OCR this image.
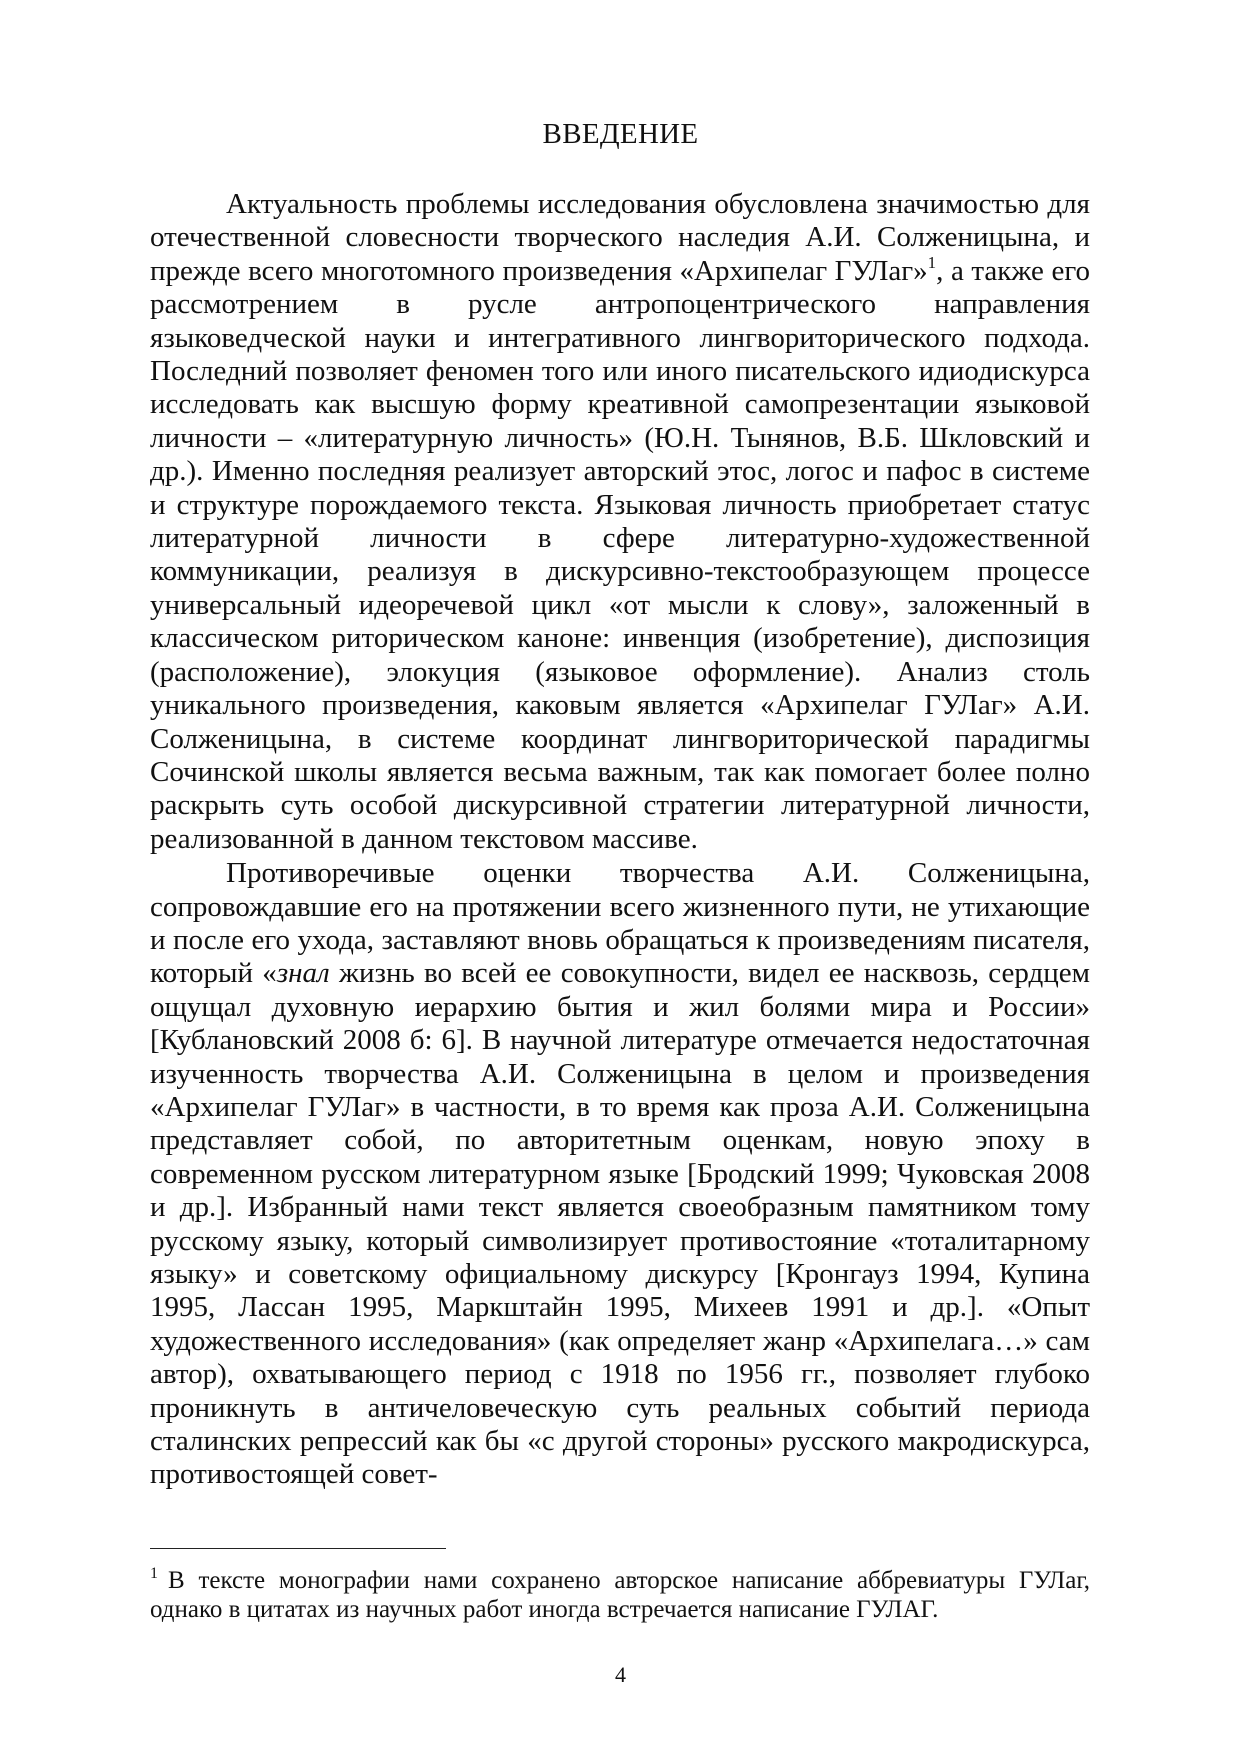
ВВЕДЕНИЕ

Актуальность проблемы исследования обусловлена значимостью для отечественной словесности творческого наследия А.И. Солженицына, и прежде всего многотомного произведения «Архипелаг ГУЛаг»$^1$, а также его рассмотрением в русле антропоцентрического направления языковедческой науки и интегративного лингвориторического подхода. Последний позволяет феномен того или иного писательского идиодискурса исследовать как высшую форму креативной самопрезентации языковой личности – «литературную личность» (Ю.Н. Тынянов, В.Б. Шкловский и др.). Именно последняя реализует авторский этос, логос и пафос в системе и структуре порождаемого текста. Языковая личность приобретает статус литературной личности в сфере литературно-художественной коммуникации, реализуя в дискурсивно-текстообразующем процессе универсальный идеоречевой цикл «от мысли к слову», заложенный в классическом риторическом каноне: инвенция (изобретение), диспозиция (расположение), элокуция (языковое оформление). Анализ столь уникального произведения, каковым является «Архипелаг ГУЛаг» А.И. Солженицына, в системе координат лингвориторической парадигмы Сочинской школы является весьма важным, так как помогает более полно раскрыть суть особой дискурсивной стратегии литературной личности, реализованной в данном текстовом массиве.

Противоречивые оценки творчества А.И. Солженицына, сопровождавшие его на протяжении всего жизненного пути, не утихающие и после его ухода, заставляют вновь обращаться к произведениям писателя, который «знал жизнь во всей ее совокупности, видел ее насквозь, сердцем ощущал духовную иерархию бытия и жил болями мира и России» [Кублановский 2008 б: 6]. В научной литературе отмечается недостаточная изученность творчества А.И. Солженицына в целом и произведения «Архипелаг ГУЛаг» в частности, в то время как проза А.И. Солженицына представляет собой, по авторитетным оценкам, новую эпоху в современном русском литературном языке [Бродский 1999; Чуковская 2008 и др.]. Избранный нами текст является своеобразным памятником тому русскому языку, который символизирует противостояние «тоталитарному языку» и советскому официальному дискурсу [Кронгауз 1994, Купина 1995, Лассан 1995, Маркштайн 1995, Михеев 1991 и др.]. «Опыт художественного исследования» (как определяет жанр «Архипелага…» сам автор), охватывающего период с 1918 по 1956 гг., позволяет глубоко проникнуть в античеловеческую суть реальных событий периода сталинских репрессий как бы «с другой стороны» русского макродискурса, противостоящей совет-

$^1$ В тексте монографии нами сохранено авторское написание аббревиатуры ГУЛаг, однако в цитатах из научных работ иногда встречается написание ГУЛАГ.

4
